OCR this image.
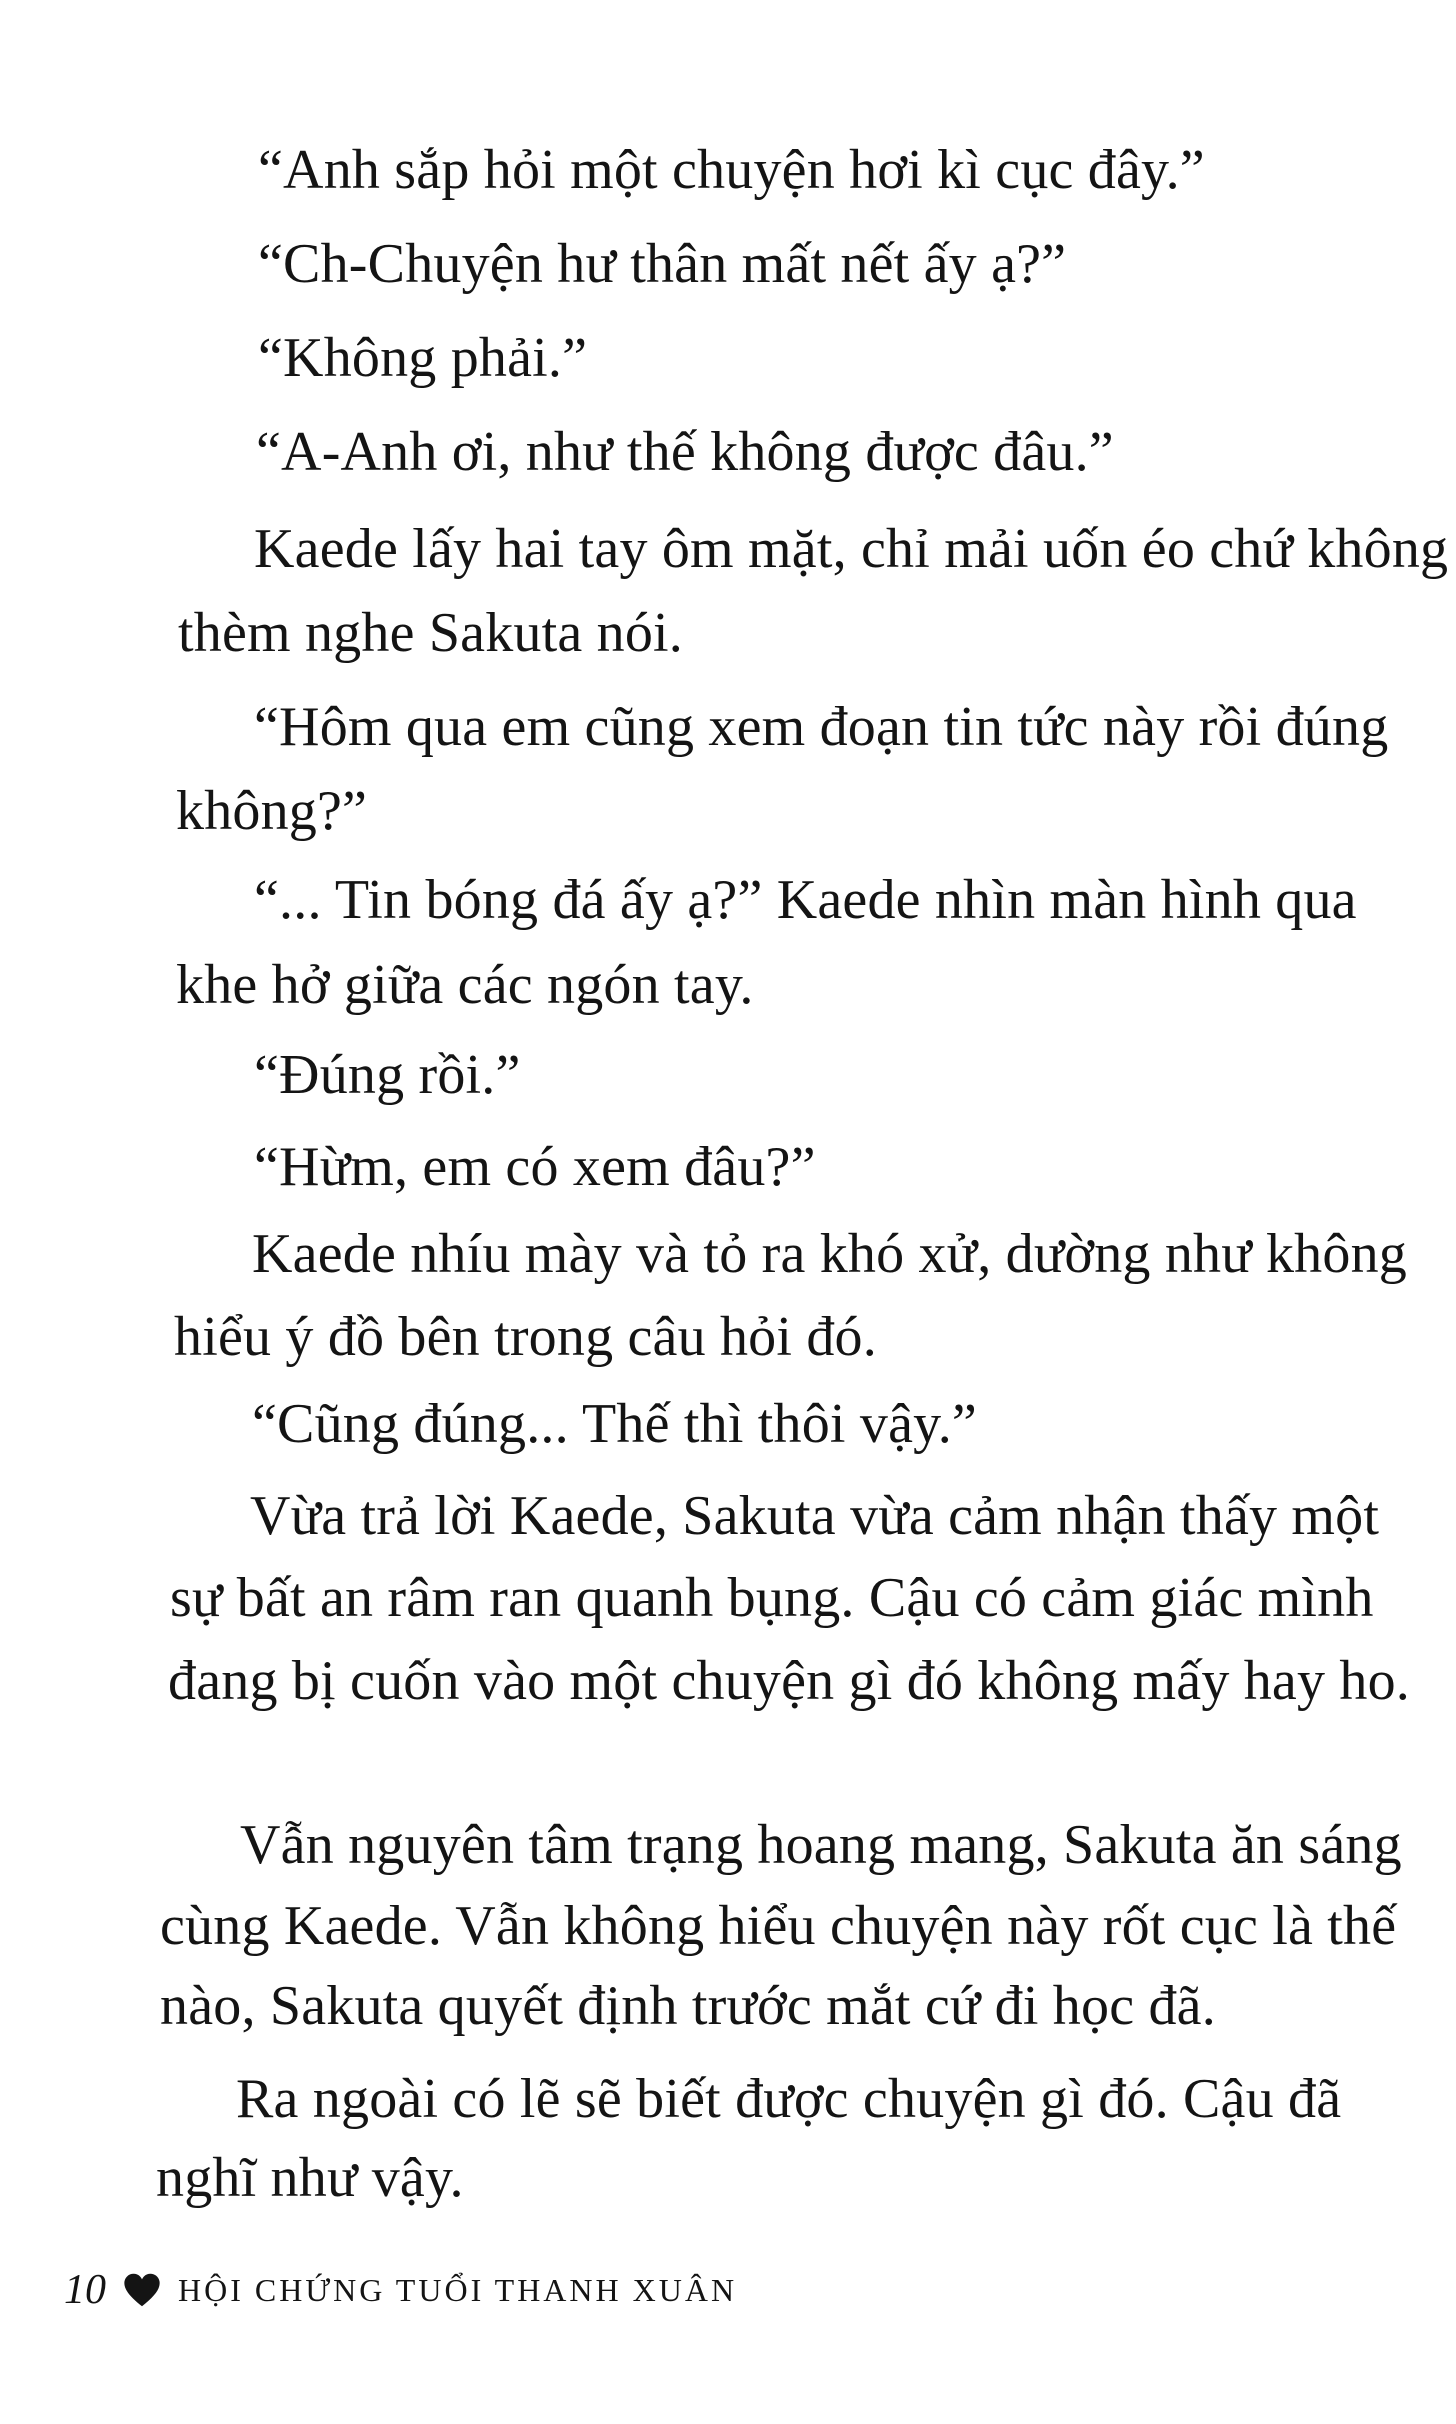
“Anh sắp hỏi một chuyện hơi kì cục đây.”
“Ch-Chuyện hư thân mất nết ấy ạ?”
“Không phải.”
“A-Anh ơi, như thế không được đâu.”
Kaede lấy hai tay ôm mặt, chỉ mải uốn éo chứ không
thèm nghe Sakuta nói.
“Hôm qua em cũng xem đoạn tin tức này rồi đúng
không?”
“... Tin bóng đá ấy ạ?” Kaede nhìn màn hình qua
khe hở giữa các ngón tay.
“Đúng rồi.”
“Hừm, em có xem đâu?”
Kaede nhíu mày và tỏ ra khó xử, dường như không
hiểu ý đồ bên trong câu hỏi đó.
“Cũng đúng... Thế thì thôi vậy.”
Vừa trả lời Kaede, Sakuta vừa cảm nhận thấy một
sự bất an râm ran quanh bụng. Cậu có cảm giác mình
đang bị cuốn vào một chuyện gì đó không mấy hay ho.
Vẫn nguyên tâm trạng hoang mang, Sakuta ăn sáng
cùng Kaede. Vẫn không hiểu chuyện này rốt cục là thế
nào, Sakuta quyết định trước mắt cứ đi học đã.
Ra ngoài có lẽ sẽ biết được chuyện gì đó. Cậu đã
nghĩ như vậy.
10 HỘI CHỨNG TUỔI THANH XUÂN
